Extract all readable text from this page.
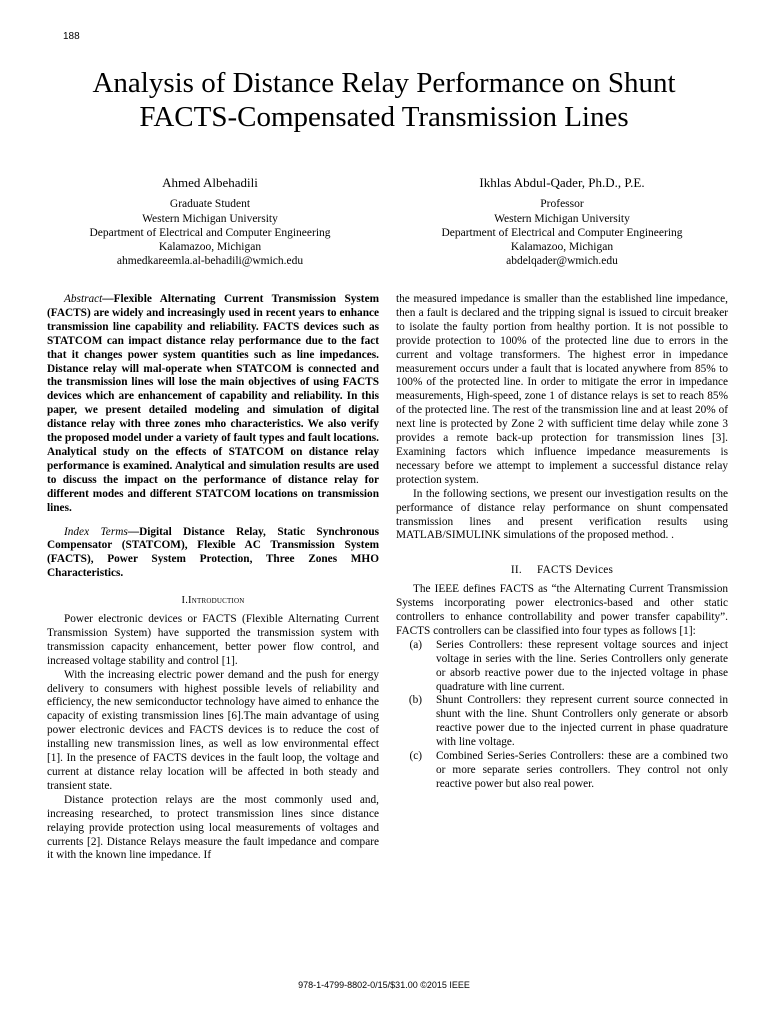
188
Analysis of Distance Relay Performance on Shunt
FACTS-Compensated Transmission Lines
Ahmed Albehadili
Graduate Student
Western Michigan University
Department of Electrical and Computer Engineering
Kalamazoo, Michigan
ahmedkareemla.al-behadili@wmich.edu
Ikhlas Abdul-Qader, Ph.D., P.E.
Professor
Western Michigan University
Department of Electrical and Computer Engineering
Kalamazoo, Michigan
abdelqader@wmich.edu

Abstract—Flexible Alternating Current Transmission System (FACTS) are widely and increasingly used in recent years to enhance transmission line capability and reliability. FACTS devices such as STATCOM can impact distance relay performance due to the fact that it changes power system quantities such as line impedances. Distance relay will mal-operate when STATCOM is connected and the transmission lines will lose the main objectives of using FACTS devices which are enhancement of capability and reliability. In this paper, we present detailed modeling and simulation of digital distance relay with three zones mho characteristics. We also verify the proposed model under a variety of fault types and fault locations. Analytical study on the effects of STATCOM on distance relay performance is examined. Analytical and simulation results are used to discuss the impact on the performance of distance relay for different modes and different STATCOM locations on transmission lines.

Index Terms—Digital Distance Relay, Static Synchronous Compensator (STATCOM), Flexible AC Transmission System (FACTS), Power System Protection, Three Zones MHO Characteristics.

I.Introduction

Power electronic devices or FACTS (Flexible Alternating Current Transmission System) have supported the transmission system with transmission capacity enhancement, better power flow control, and increased voltage stability and control [1].

With the increasing electric power demand and the push for energy delivery to consumers with highest possible levels of reliability and efficiency, the new semiconductor technology have aimed to enhance the capacity of existing transmission lines [6].The main advantage of using power electronic devices and FACTS devices is to reduce the cost of installing new transmission lines, as well as low environmental effect [1]. In the presence of FACTS devices in the fault loop, the voltage and current at distance relay location will be affected in both steady and transient state.

Distance protection relays are the most commonly used and, increasing researched, to protect transmission lines since distance relaying provide protection using local measurements of voltages and currents [2]. Distance Relays measure the fault impedance and compare it with the known line impedance. If

the measured impedance is smaller than the established line impedance, then a fault is declared and the tripping signal is issued to circuit breaker to isolate the faulty portion from healthy portion. It is not possible to provide protection to 100% of the protected line due to errors in the current and voltage transformers. The highest error in impedance measurement occurs under a fault that is located anywhere from 85% to 100% of the protected line. In order to mitigate the error in impedance measurements, High-speed, zone 1 of distance relays is set to reach 85% of the protected line. The rest of the transmission line and at least 20% of next line is protected by Zone 2 with sufficient time delay while zone 3 provides a remote back-up protection for transmission lines [3]. Examining factors which influence impedance measurements is necessary before we attempt to implement a successful distance relay protection system.

In the following sections, we present our investigation results on the performance of distance relay performance on shunt compensated transmission lines and present verification results using MATLAB/SIMULINK simulations of the proposed method. .

II. FACTS Devices

The IEEE defines FACTS as “the Alternating Current Transmission Systems incorporating power electronics-based and other static controllers to enhance controllability and power transfer capability”. FACTS controllers can be classified into four types as follows [1]:

(a)	Series Controllers: these represent voltage sources and inject voltage in series with the line. Series Controllers only generate or absorb reactive power due to the injected voltage in phase quadrature with line current.
(b)	Shunt Controllers: they represent current source connected in shunt with the line. Shunt Controllers only generate or absorb reactive power due to the injected current in phase quadrature with line voltage.
(c)	Combined Series-Series Controllers: these are a combined two or more separate series controllers. They control not only reactive power but also real power.
978-1-4799-8802-0/15/$31.00 ©2015 IEEE
